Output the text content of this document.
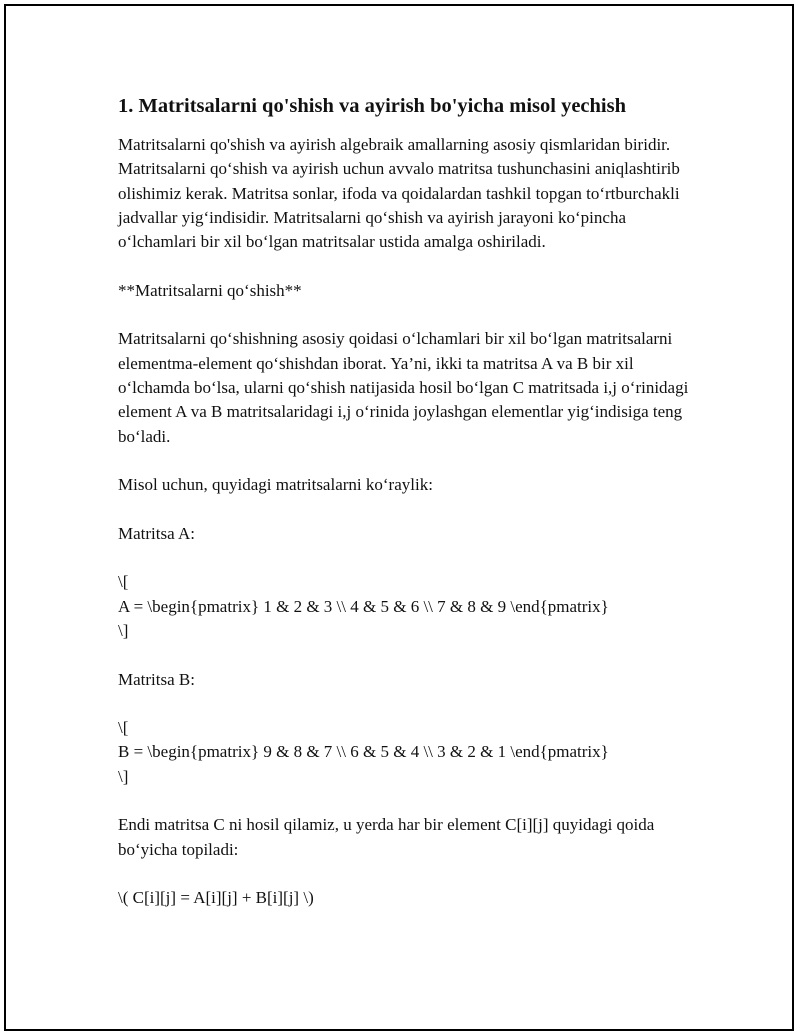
1. Matritsalarni qo'shish va ayirish bo'yicha misol yechish

Matritsalarni qo'shish va ayirish algebraik amallarning asosiy qismlaridan biridir. Matritsalarni qo‘shish va ayirish uchun avvalo matritsa tushunchasini aniqlashtirib olishimiz kerak. Matritsa sonlar, ifoda va qoidalardan tashkil topgan to‘rtburchakli jadvallar yig‘indisidir. Matritsalarni qo‘shish va ayirish jarayoni ko‘pincha o‘lchamlari bir xil bo‘lgan matritsalar ustida amalga oshiriladi.

**Matritsalarni qo‘shish**

Matritsalarni qo‘shishning asosiy qoidasi o‘lchamlari bir xil bo‘lgan matritsalarni elementma-element qo‘shishdan iborat. Ya’ni, ikki ta matritsa A va B bir xil o‘lchamda bo‘lsa, ularni qo‘shish natijasida hosil bo‘lgan C matritsada i,j o‘rinidagi element A va B matritsalaridagi i,j o‘rinida joylashgan elementlar yig‘indisiga teng bo‘ladi.

Misol uchun, quyidagi matritsalarni ko‘raylik:

Matritsa A:

\[

A = \begin{pmatrix} 1 & 2 & 3 \\ 4 & 5 & 6 \\ 7 & 8 & 9 \end{pmatrix}

\]

Matritsa B:

\[

B = \begin{pmatrix} 9 & 8 & 7 \\ 6 & 5 & 4 \\ 3 & 2 & 1 \end{pmatrix}

\]

Endi matritsa C ni hosil qilamiz, u yerda har bir element C[i][j] quyidagi qoida bo‘yicha topiladi:

\( C[i][j] = A[i][j] + B[i][j] \)
